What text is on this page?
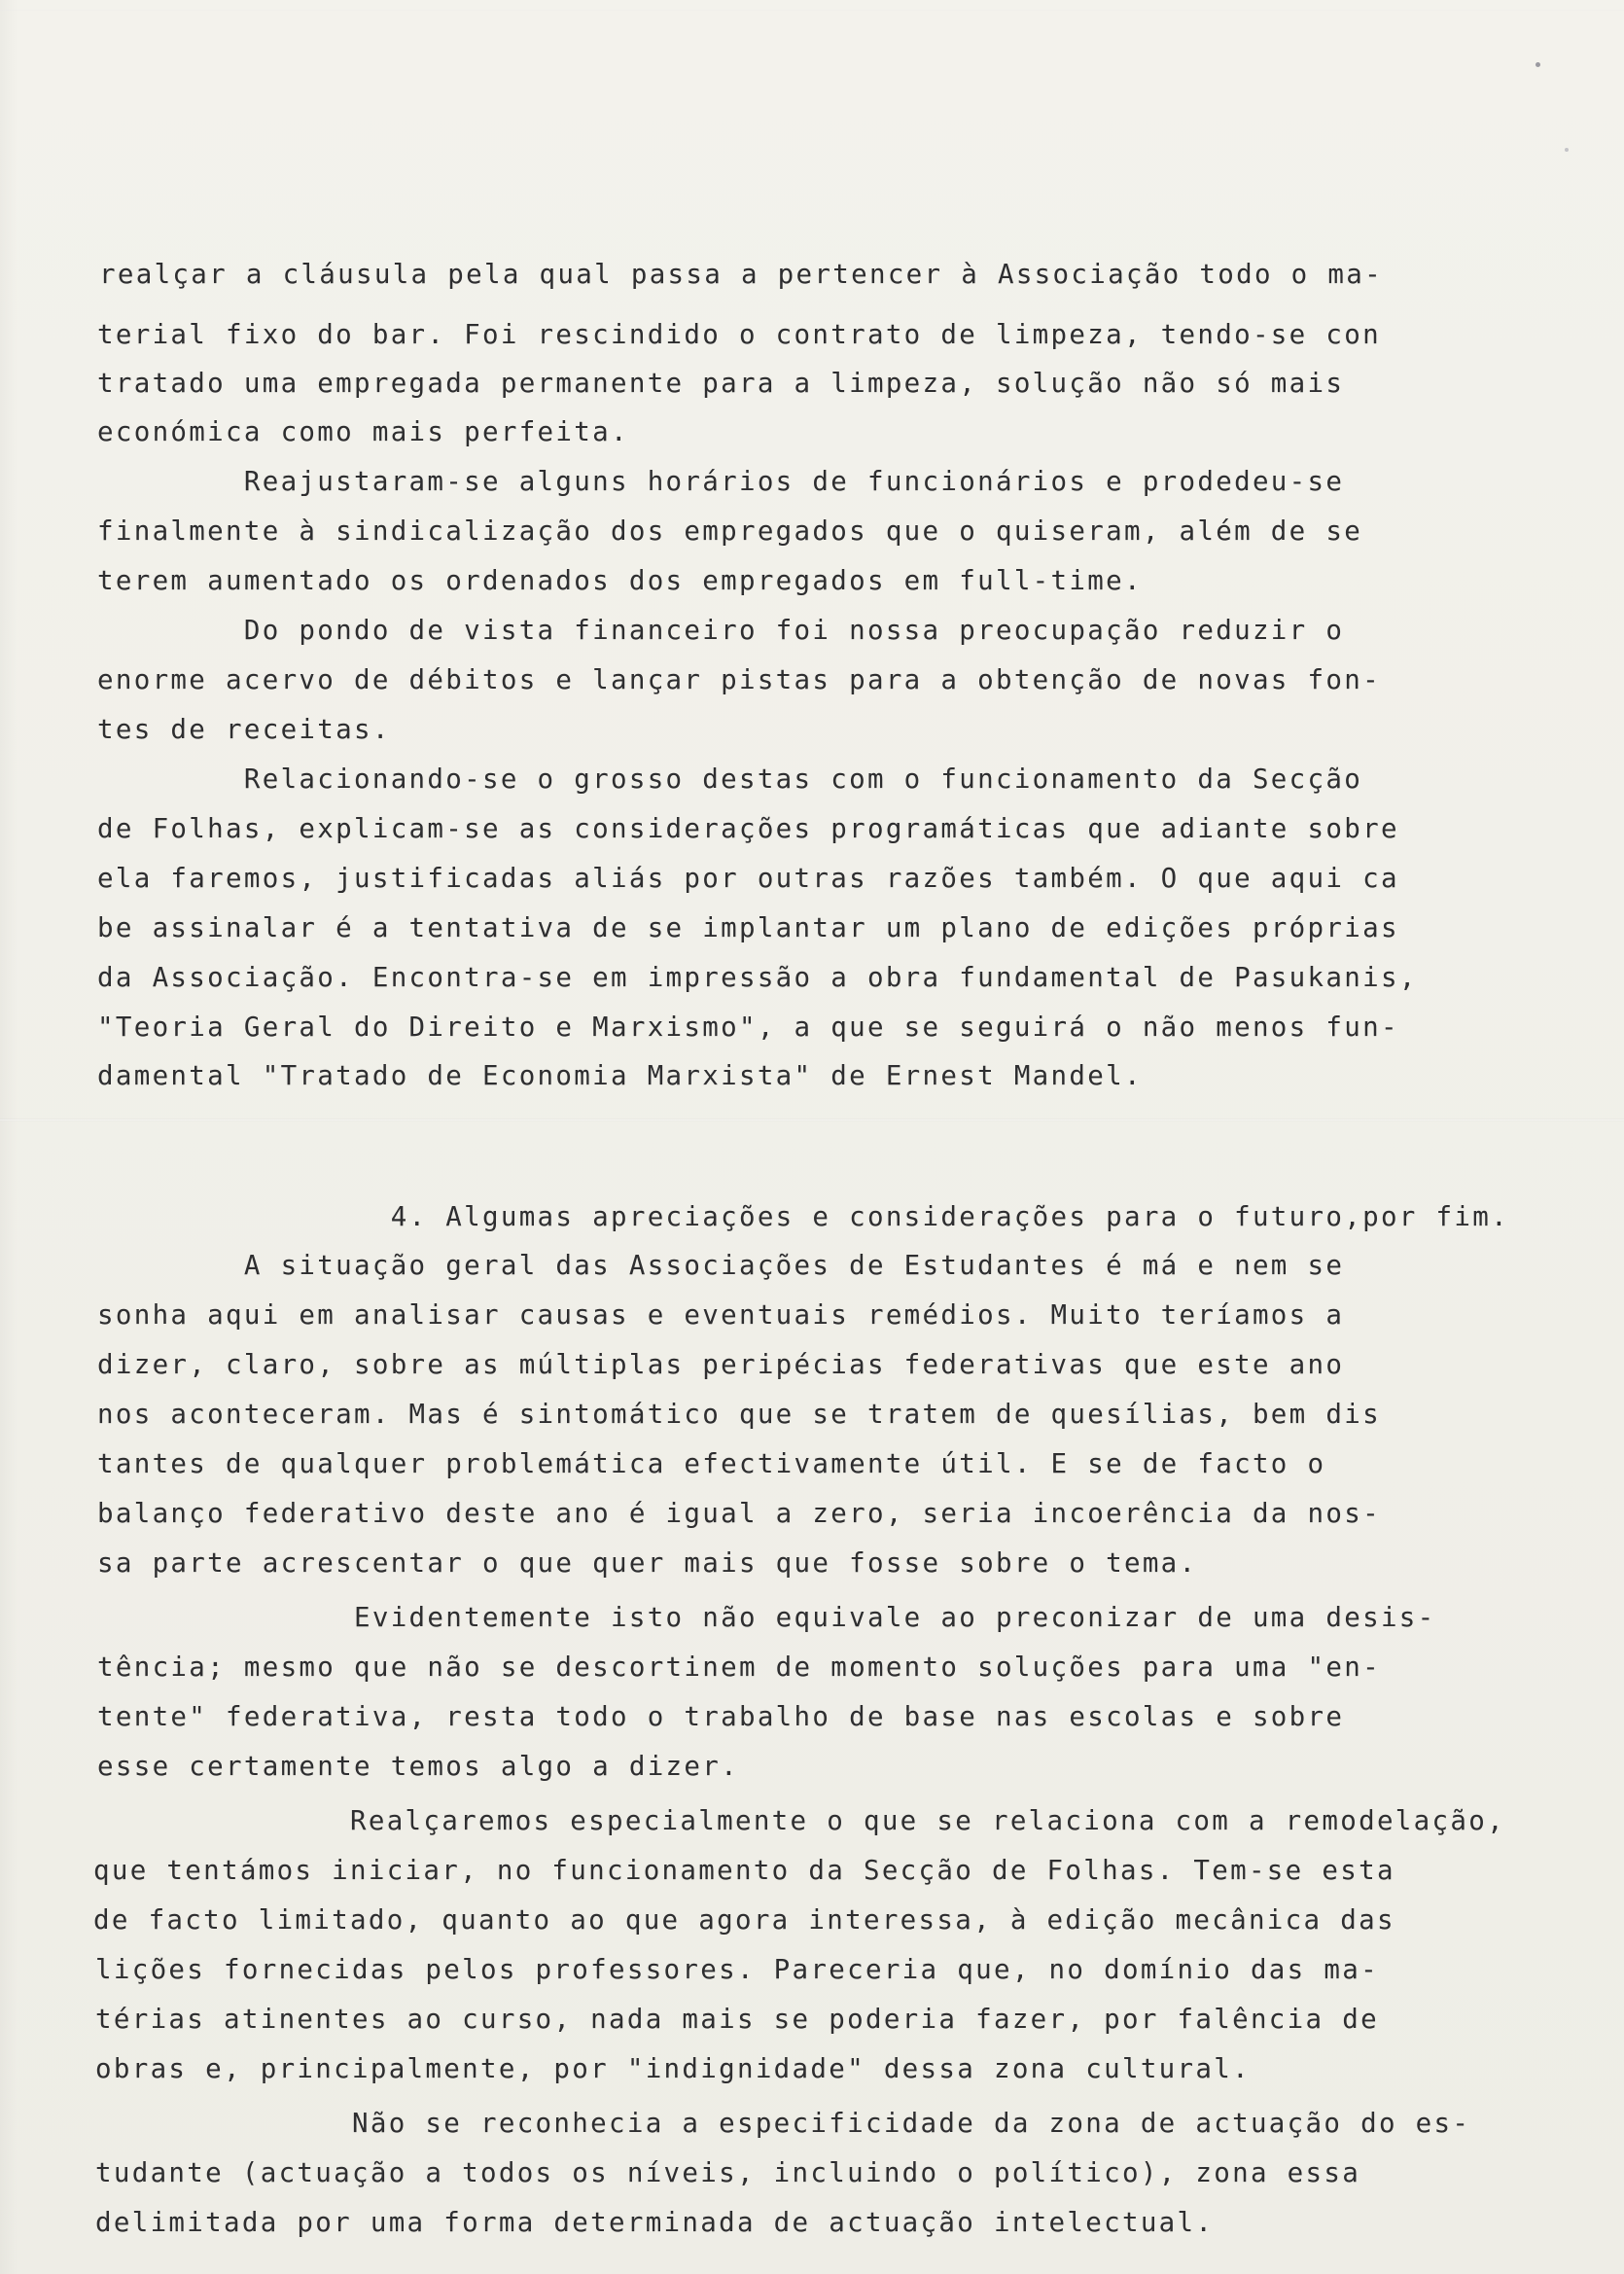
realçar a cláusula pela qual passa a pertencer à Associação todo o ma-
terial fixo do bar. Foi rescindido o contrato de limpeza, tendo-se con
tratado uma empregada permanente para a limpeza, solução não só mais
económica como mais perfeita.
Reajustaram-se alguns horários de funcionários e prodedeu-se
finalmente à sindicalização dos empregados que o quiseram, além de se
terem aumentado os ordenados dos empregados em full-time.
Do pondo de vista financeiro foi nossa preocupação reduzir o
enorme acervo de débitos e lançar pistas para a obtenção de novas fon-
tes de receitas.
Relacionando-se o grosso destas com o funcionamento da Secção
de Folhas, explicam-se as considerações programáticas que adiante sobre
ela faremos, justificadas aliás por outras razões também. O que aqui ca
be assinalar é a tentativa de se implantar um plano de edições próprias
da Associação. Encontra-se em impressão a obra fundamental de Pasukanis,
"Teoria Geral do Direito e Marxismo", a que se seguirá o não menos fun-
damental "Tratado de Economia Marxista" de Ernest Mandel.
4. Algumas apreciações e considerações para o futuro,por fim.
A situação geral das Associações de Estudantes é má e nem se
sonha aqui em analisar causas e eventuais remédios. Muito teríamos a
dizer, claro, sobre as múltiplas peripécias federativas que este ano
nos aconteceram. Mas é sintomático que se tratem de quesílias, bem dis
tantes de qualquer problemática efectivamente útil. E se de facto o
balanço federativo deste ano é igual a zero, seria incoerência da nos-
sa parte acrescentar o que quer mais que fosse sobre o tema.
Evidentemente isto não equivale ao preconizar de uma desis-
tência; mesmo que não se descortinem de momento soluções para uma "en-
tente" federativa, resta todo o trabalho de base nas escolas e sobre
esse certamente temos algo a dizer.
Realçaremos especialmente o que se relaciona com a remodelação,
que tentámos iniciar, no funcionamento da Secção de Folhas. Tem-se esta
de facto limitado, quanto ao que agora interessa, à edição mecânica das
lições fornecidas pelos professores. Pareceria que, no domínio das ma-
térias atinentes ao curso, nada mais se poderia fazer, por falência de
obras e, principalmente, por "indignidade" dessa zona cultural.
Não se reconhecia a especificidade da zona de actuação do es-
tudante (actuação a todos os níveis, incluindo o político), zona essa
delimitada por uma forma determinada de actuação intelectual.
